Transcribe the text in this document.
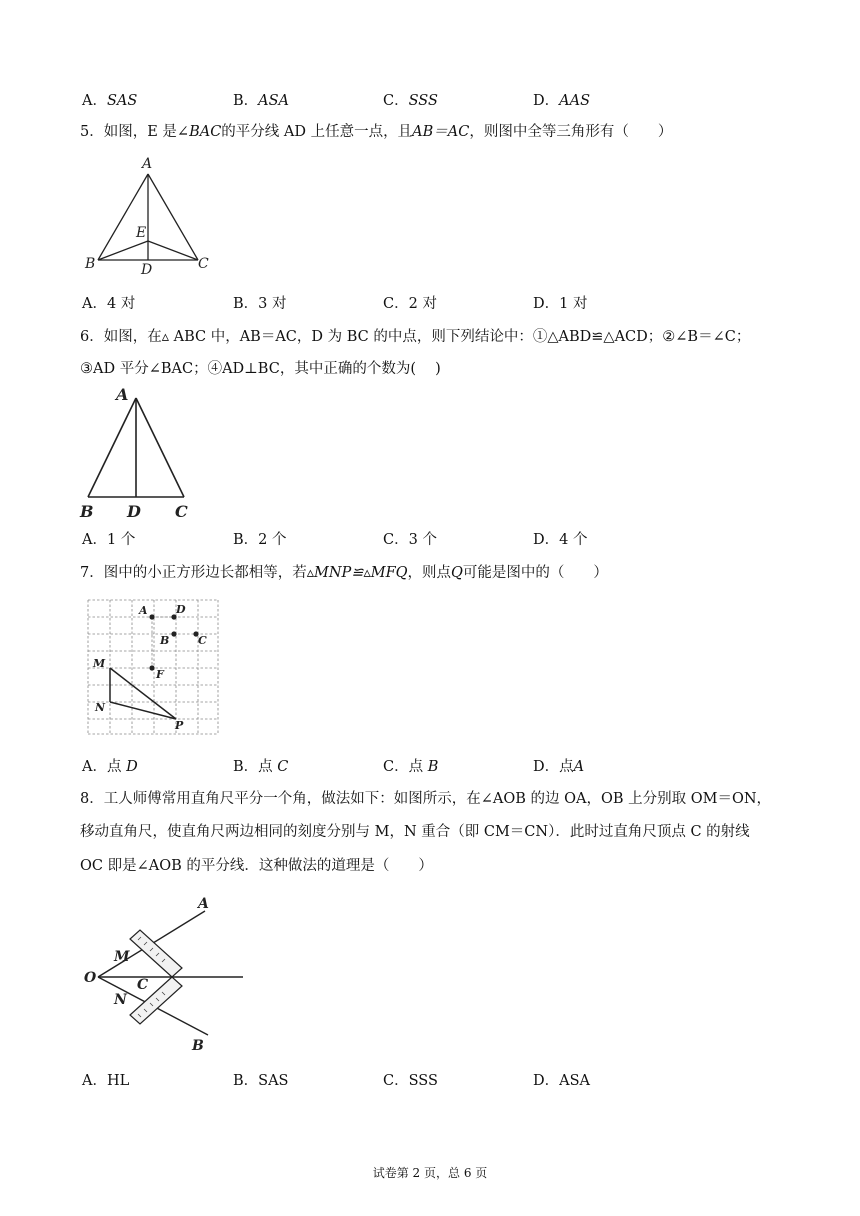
A．SAS	B．ASA	C．SSS	D．AAS
5．如图，E 是∠BAC的平分线 AD 上任意一点，且AB＝AC，则图中全等三角形有（　　）
A
B	C
D
E
A．4 对	B．3 对	C．2 对	D．1 对
6．如图，在▵ ABC 中，AB＝AC，D 为 BC 的中点，则下列结论中：①△ABD≌△ACD；②∠B＝∠C；
③AD 平分∠BAC；④AD⊥BC，其中正确的个数为(　 )
A
B D C
A．1 个	B．2 个	C．3 个	D．4 个
7．图中的小正方形边长都相等，若▵MNP≌▵MFQ，则点Q可能是图中的（　　）
A	D
B	C
F
M
N
P
A．点 D	B．点 C	C．点 B	D．点A
8．工人师傅常用直角尺平分一个角，做法如下：如图所示，在∠AOB 的边 OA，OB 上分别取 OM＝ON，
移动直角尺，使直角尺两边相同的刻度分别与 M，N 重合（即 CM＝CN）．此时过直角尺顶点 C 的射线
OC 即是∠AOB 的平分线．这种做法的道理是（　　）
A
O
M
N
C
B
A．HL	B．SAS	C．SSS	D．ASA
试卷第 2 页，总 6 页
